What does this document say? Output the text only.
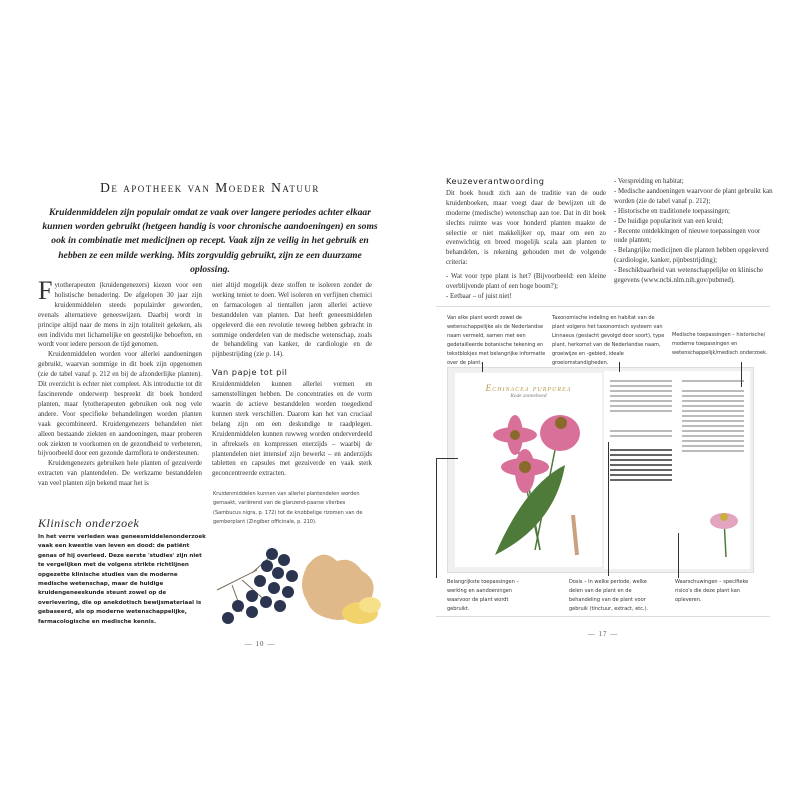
De apotheek van Moeder Natuur
Kruidenmiddelen zijn populair omdat ze vaak over langere periodes achter elkaar kunnen worden gebruikt (hetgeen handig is voor chronische aandoeningen) en soms ook in combinatie met medicijnen op recept. Vaak zijn ze veilig in het gebruik en hebben ze een milde werking. Mits zorgvuldig gebruikt, zijn ze een duurzame oplossing.

Fytotherapeuten (kruidengenezers) kiezen voor een holistische benadering. De afgelopen 30 jaar zijn kruidenmiddelen steeds populairder geworden, evenals alternatieve geneeswijzen. Daarbij wordt in principe altijd naar de mens in zijn totaliteit gekeken, als een individu met lichamelijke en geestelijke behoeften, en wordt voor iedere persoon de tijd genomen.

Kruidenmiddelen worden voor allerlei aandoeningen gebruikt, waarvan sommige in dit boek zijn opgenomen (zie de tabel vanaf p. 212 en bij de afzonderlijke planten). Dit overzicht is echter niet compleet. Als introductie tot dit fascinerende onderwerp bespreekt dit boek honderd planten, maar fytotherapeuten gebruiken ook nog vele andere. Voor specifieke behandelingen worden planten vaak gecombineerd. Kruidengenezers behandelen niet alleen bestaande ziekten en aandoeningen, maar proberen ook ziekten te voorkomen en de gezondheid te verbeteren, bijvoorbeeld door een gezonde darmflora te ondersteunen.

Kruidengenezers gebruiken hele planten of gezuiverde extracten van plantendelen. De werkzame bestanddelen van veel planten zijn bekend maar het is

niet altijd mogelijk deze stoffen te isoleren zonder de werking teniet te doen. Wel isoleren en verfijnen chemici en farmacologen al tientallen jaren allerlei actieve bestanddelen van planten. Dat heeft geneesmiddelen opgeleverd die een revolutie teweeg hebben gebracht in sommige onderdelen van de medische wetenschap, zoals de behandeling van kanker, de cardiologie en de pijnbestrijding (zie p. 14).

Van papje tot pil

Kruidenmiddelen kunnen allerlei vormen en samenstellingen hebben. De concentraties en de vorm waarin de actieve bestanddelen worden toegediend kunnen sterk verschillen. Daarom kan het van cruciaal belang zijn om een deskundige te raadplegen. Kruidenmiddelen kunnen ruwweg worden onderverdeeld in aftreksels en kompressen enerzijds – waarbij de plantendelen niet intensief zijn bewerkt – en anderzijds tabletten en capsules met gezuiverde en vaak sterk geconcentreerde extracten.

Kruidenmiddelen kunnen van allerlei plantendelen worden gemaakt, variërend van de glanzend-paarse vlierbes (Sambucus nigra, p. 172) tot de knobbelige rizomen van de gemberplant (Zingiber officinale, p. 210).
Klinisch onderzoek
In het verre verleden was geneesmiddelenonderzoek vaak een kwestie van leven en dood: de patiënt genas of hij overleed. Deze eerste 'studies' zijn niet te vergelijken met de volgens strikte richtlijnen opgezette klinische studies van de moderne medische wetenschap, maar de huidige kruidengeneeskunde steunt zowel op de overlevering, die op anekdotisch bewijsmateriaal is gebaseerd, als op moderne wetenschappelijke, farmacologische en medische kennis.
— 10 —
Keuzeverantwoording

Dit boek houdt zich aan de traditie van de oude kruidenboeken, maar voegt daar de bewijzen uit de moderne (medische) wetenschap aan toe. Dat in dit boek slechts ruimte was voor honderd planten maakte de selectie er niet makkelijker op, maar om een zo evenwichtig en breed mogelijk scala aan planten te behandelen, is rekening gehouden met de volgende criteria:

- Wat voor type plant is het? (Bijvoorbeeld: een kleine overblijvende plant of een hoge boom?);
- Eetbaar – of juist niet!
- Verspreiding en habitat;
- Medische aandoeningen waarvoor de plant gebruikt kan worden (zie de tabel vanaf p. 212);
- Historische en traditionele toepassingen;
- De huidige populariteit van een kruid;
- Recente ontdekkingen of nieuwe toepassingen voor oude planten;
- Belangrijke medicijnen die planten hebben opgeleverd (cardiologie, kanker, pijnbestrijding);
- Beschikbaarheid van wetenschappelijke en klinische gegevens (www.ncbi.nlm.nih.gov/pubmed).
Van elke plant wordt zowel de wetenschappelijke als de Nederlandse naam vermeld, samen met een gedetailleerde botanische tekening en tekstblokjes met belangrijke informatie over de plant.
Taxonomische indeling en habitat van de plant volgens het taxonomisch systeem van Linnaeus (geslacht gevolgd door soort), type plant, herkomst van de Nederlandse naam, groeiwijze en -gebied, ideale groeiomstandigheden.
Medische toepassingen – historische/ moderne toepassingen en wetenschappelijk/medisch onderzoek.
Echinacea purpurea
Rode zonnehoed
Belangrijkste toepassingen – werking en aandoeningen waarvoor de plant wordt gebruikt.
Dosis – In welke periode, welke delen van de plant en de behandeling van de plant voor gebruik (tinctuur, extract, etc.).
Waarschuwingen – specifieke risico's die deze plant kan opleveren.
— 17 —
